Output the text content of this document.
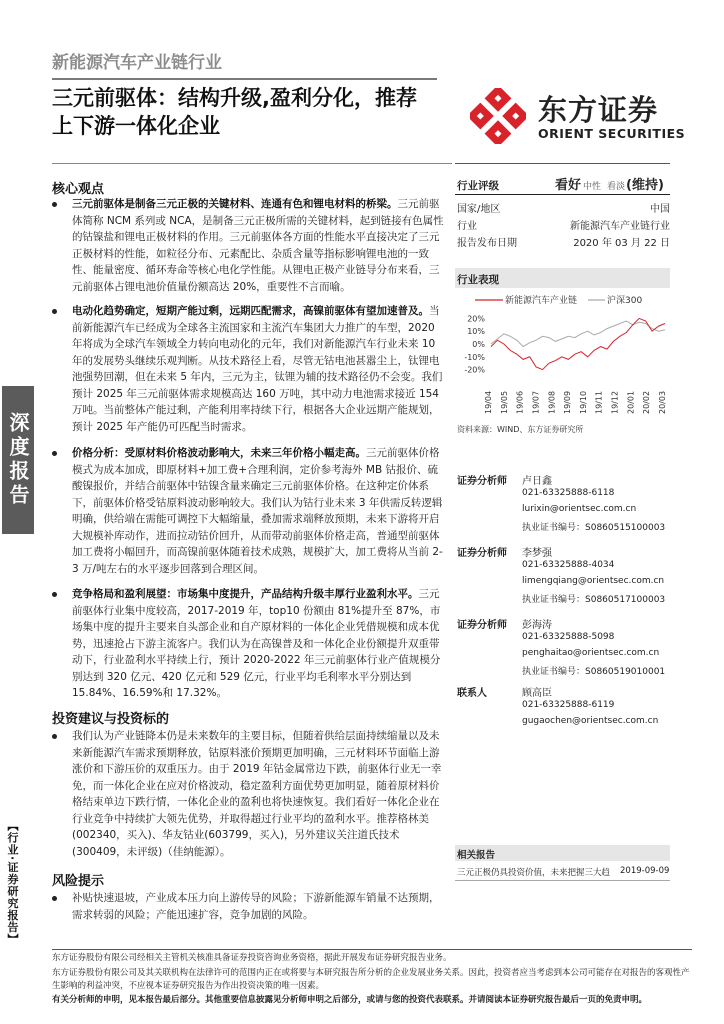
新能源汽车产业链行业
三元前驱体：结构升级,盈利分化，推荐
上下游一体化企业	东方证券
ORIENT SECURITIES
深度报告
【行业·证券研究报告】
核心观点
三元前驱体是制备三元正极的关键材料、连通有色和锂电材料的桥梁。三元前驱体简称 NCM 系列或 NCA，是制备三元正极所需的关键材料，起到链接有色属性的钴镍盐和锂电正极材料的作用。三元前驱体各方面的性能水平直接决定了三元正极材料的性能，如粒径分布、元素配比、杂质含量等指标影响锂电池的一致性、能量密度、循环寿命等核心电化学性能。从锂电正极产业链导分布来看，三元前驱体占锂电池价值量份额高达 20%，重要性不言而喻。
电动化趋势确定，短期产能过剩，远期匹配需求，高镍前驱体有望加速普及。当前新能源汽车已经成为全球各主流国家和主流汽车集团大力推广的车型，2020 年将成为全球汽车领域全力转向电动化的元年，我们对新能源汽车行业未来 10 年的发展势头继续乐观判断。从技术路径上看，尽管无钴电池甚嚣尘上，钛锂电池强势回潮，但在未来 5 年内，三元为主，钛锂为辅的技术路径仍不会变。我们预计 2025 年三元前驱体需求规模高达 160 万吨，其中动力电池需求接近 154 万吨。当前整体产能过剩，产能利用率持续下行，根据各大企业远期产能规划，预计 2025 年产能仍可匹配当时需求。
价格分析：受原材料价格波动影响大，未来三年价格小幅走高。三元前驱体价格模式为成本加成，即原材料+加工费+合理利润，定价参考海外 MB 钴报价、硫酸镍报价，并结合前驱体中钴镍含量来确定三元前驱体价格。在这种定价体系下，前驱体价格受钴原料波动影响较大。我们认为钴行业未来 3 年供需反转逻辑明确，供给端在需能可调控下大幅缩量，叠加需求端释放预期，未来下游将开启大规模补库动作，进而拉动钴价回升，从而带动前驱体价格走高，普通型前驱体加工费将小幅回升，而高镍前驱体随着技术成熟，规模扩大，加工费将从当前 2-3 万/吨左右的水平逐步回落到合理区间。
竞争格局和盈利展望：市场集中度提升，产品结构升级丰厚行业盈利水平。三元前驱体行业集中度较高，2017-2019 年，top10 份额由 81%提升至 87%，市场集中度的提升主要来自头部企业和自产原材料的一体化企业凭借规模和成本优势，迅速抢占下游主流客户。我们认为在高镍普及和一体化企业份额提升双重带动下，行业盈利水平持续上行，预计 2020-2022 年三元前驱体行业产值规模分别达到 320 亿元、420 亿元和 529 亿元，行业平均毛利率水平分别达到 15.84%、16.59%和 17.32%。
投资建议与投资标的
我们认为产业链降本仍是未来数年的主要目标，但随着供给层面持续缩量以及未来新能源汽车需求预期释放，钴原料涨价预期更加明确，三元材料环节面临上游涨价和下游压价的双重压力。由于 2019 年钴金属常边下跌，前驱体行业无一幸免，而一体化企业在应对价格波动，稳定盈利方面优势更加明显，随着原材料价格结束单边下跌行情，一体化企业的盈利也将快速恢复。我们看好一体化企业在行业竞争中持续扩大领先优势，并取得超过行业平均的盈利水平。推荐格林美(002340，买入)、华友钴业(603799，买入)，另外建议关注道氏技术(300409，未评级)（佳纳能源）。
风险提示
补贴快速退坡，产业成本压力向上游传导的风险；下游新能源车销量不达预期，需求转弱的风险；产能迅速扩容，竞争加剧的风险。
行业评级	看好 中性 看淡 (维持)
国家/地区	中国
行业	新能源汽车产业链行业
报告发布日期	2020 年 03 月 22 日
行业表现
新能源汽车产业链	沪深300
20%
10%
0%
-10%
-20%
19/04 19/05 19/06 19/07 19/08 19/09 19/10 19/11 19/12 20/01 20/02 20/03
资料来源：WIND、东方证券研究所
证券分析师 卢日鑫
021-63325888-6118
lurixin@orientsec.com.cn
执业证书编号：S0860515100003
证券分析师 李梦强
021-63325888-4034
limengqiang@orientsec.com.cn
执业证书编号：S0860517100003
证券分析师 彭海涛
021-63325888-5098
penghaitao@orientsec.com.cn
执业证书编号：S0860519010001
联系人	顾高臣
021-63325888-6119
gugaochen@orientsec.com.cn
相关报告
三元正极仍具投资价值，未来把握三大趋 2019-09-09
东方证券股份有限公司经相关主管机关核准具备证券投资咨询业务资格，据此开展发布证券研究报告业务。
东方证券股份有限公司及其关联机构在法律许可的范围内正在或将要与本研究报告所分析的企业发展业务关系。因此，投资者应当考虑到本公司可能存在对报告的客观性产生影响的利益冲突，不应视本证券研究报告为作出投资决策的唯一因素。
有关分析师的申明，见本报告最后部分。其他重要信息披露见分析师申明之后部分，或请与您的投资代表联系。并请阅读本证券研究报告最后一页的免责申明。
